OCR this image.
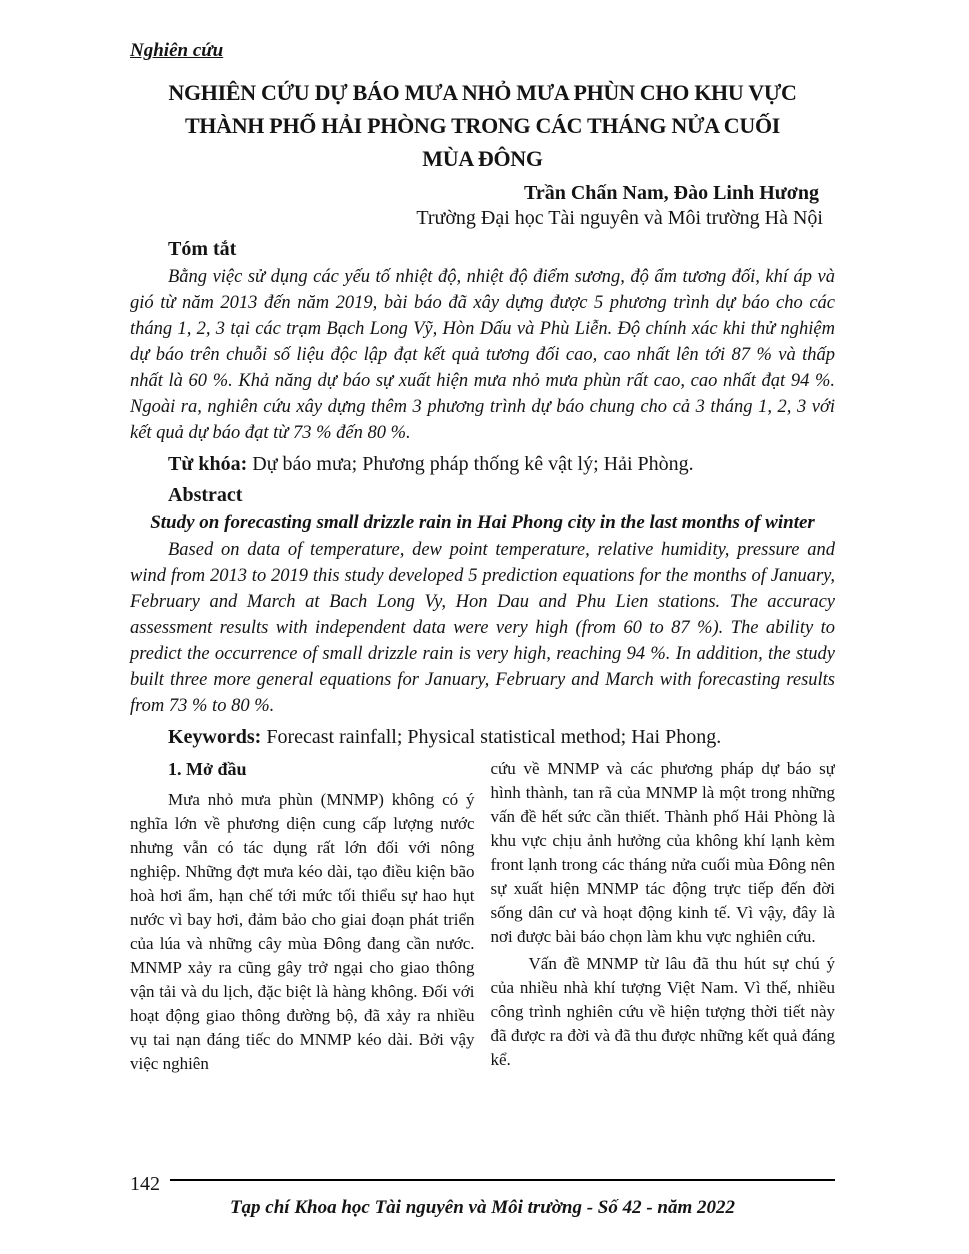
Nghiên cứu
NGHIÊN CỨU DỰ BÁO MƯA NHỎ MƯA PHÙN CHO KHU VỰC
THÀNH PHỐ HẢI PHÒNG TRONG CÁC THÁNG NỬA CUỐI
MÙA ĐÔNG
Trần Chấn Nam, Đào Linh Hương
Trường Đại học Tài nguyên và Môi trường Hà Nội
Tóm tắt

Bằng việc sử dụng các yếu tố nhiệt độ, nhiệt độ điểm sương, độ ẩm tương đối, khí áp và gió từ năm 2013 đến năm 2019, bài báo đã xây dựng được 5 phương trình dự báo cho các tháng 1, 2, 3 tại các trạm Bạch Long Vỹ, Hòn Dấu và Phù Liễn. Độ chính xác khi thử nghiệm dự báo trên chuỗi số liệu độc lập đạt kết quả tương đối cao, cao nhất lên tới 87 % và thấp nhất là 60 %. Khả năng dự báo sự xuất hiện mưa nhỏ mưa phùn rất cao, cao nhất đạt 94 %. Ngoài ra, nghiên cứu xây dựng thêm 3 phương trình dự báo chung cho cả 3 tháng 1, 2, 3 với kết quả dự báo đạt từ 73 % đến 80 %.

Từ khóa: Dự báo mưa; Phương pháp thống kê vật lý; Hải Phòng.
Abstract
Study on forecasting small drizzle rain in Hai Phong city in the last months of winter

Based on data of temperature, dew point temperature, relative humidity, pressure and wind from 2013 to 2019 this study developed 5 prediction equations for the months of January, February and March at Bach Long Vy, Hon Dau and Phu Lien stations. The accuracy assessment results with independent data were very high (from 60 to 87 %). The ability to predict the occurrence of small drizzle rain is very high, reaching 94 %. In addition, the study built three more general equations for January, February and March with forecasting results from 73 % to 80 %.

Keywords: Forecast rainfall; Physical statistical method; Hai Phong.
1. Mở đầu

Mưa nhỏ mưa phùn (MNMP) không có ý nghĩa lớn về phương diện cung cấp lượng nước nhưng vẫn có tác dụng rất lớn đối với nông nghiệp. Những đợt mưa kéo dài, tạo điều kiện bão hoà hơi ẩm, hạn chế tới mức tối thiểu sự hao hụt nước vì bay hơi, đảm bảo cho giai đoạn phát triển của lúa và những cây mùa Đông đang cần nước. MNMP xảy ra cũng gây trở ngại cho giao thông vận tải và du lịch, đặc biệt là hàng không. Đối với hoạt động giao thông đường bộ, đã xảy ra nhiều vụ tai nạn đáng tiếc do MNMP kéo dài. Bởi vậy việc nghiên

cứu về MNMP và các phương pháp dự báo sự hình thành, tan rã của MNMP là một trong những vấn đề hết sức cần thiết. Thành phố Hải Phòng là khu vực chịu ảnh hưởng của không khí lạnh kèm front lạnh trong các tháng nửa cuối mùa Đông nên sự xuất hiện MNMP tác động trực tiếp đến đời sống dân cư và hoạt động kinh tế. Vì vậy, đây là nơi được bài báo chọn làm khu vực nghiên cứu.

Vấn đề MNMP từ lâu đã thu hút sự chú ý của nhiều nhà khí tượng Việt Nam. Vì thế, nhiều công trình nghiên cứu về hiện tượng thời tiết này đã được ra đời và đã thu được những kết quả đáng kể.

142
Tạp chí Khoa học Tài nguyên và Môi trường - Số 42 - năm 2022
